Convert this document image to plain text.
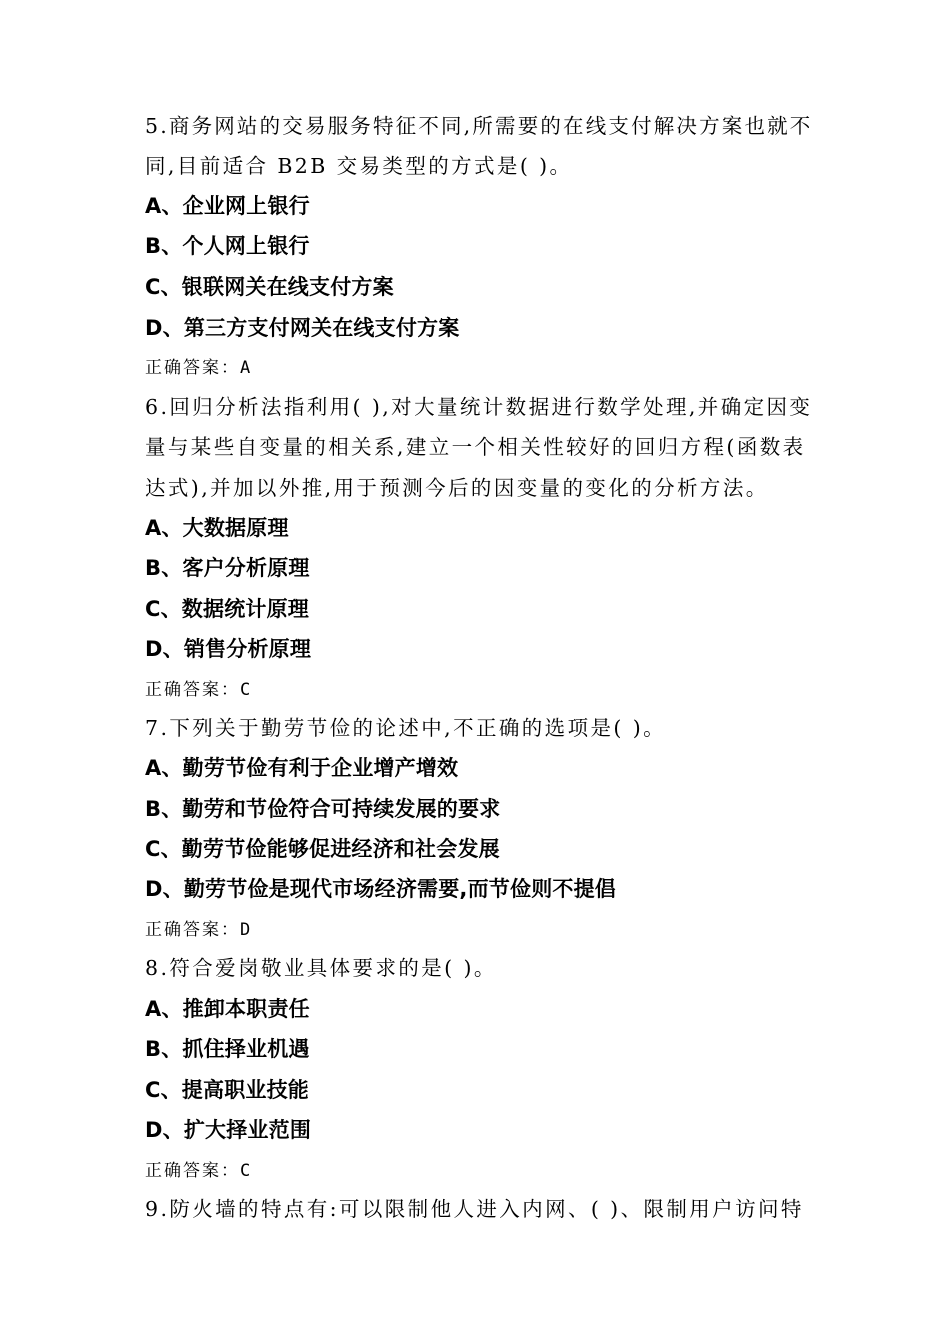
5.商务网站的交易服务特征不同,所需要的在线支付解决方案也就不
同,目前适合 B2B 交易类型的方式是( )。
A、企业网上银行
B、个人网上银行
C、银联网关在线支付方案
D、第三方支付网关在线支付方案
正确答案：A
6.回归分析法指利用( ),对大量统计数据进行数学处理,并确定因变
量与某些自变量的相关系,建立一个相关性较好的回归方程(函数表
达式),并加以外推,用于预测今后的因变量的变化的分析方法。
A、大数据原理
B、客户分析原理
C、数据统计原理
D、销售分析原理
正确答案：C
7.下列关于勤劳节俭的论述中,不正确的选项是( )。
A、勤劳节俭有利于企业增产增效
B、勤劳和节俭符合可持续发展的要求
C、勤劳节俭能够促进经济和社会发展
D、勤劳节俭是现代市场经济需要,而节俭则不提倡
正确答案：D
8.符合爱岗敬业具体要求的是( )。
A、推卸本职责任
B、抓住择业机遇
C、提高职业技能
D、扩大择业范围
正确答案：C
9.防火墙的特点有:可以限制他人进入内网、( )、限制用户访问特
